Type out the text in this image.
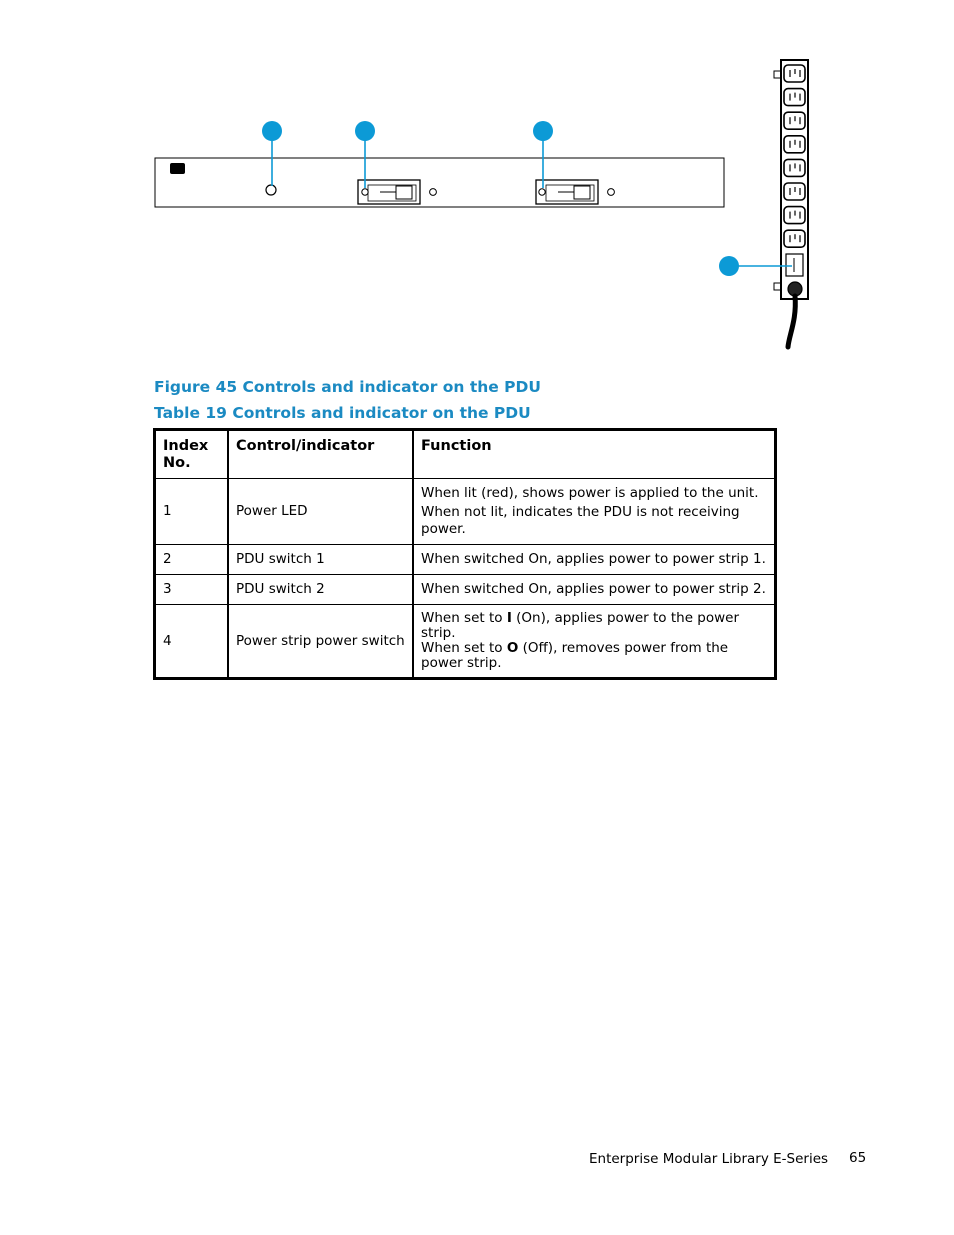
Figure 45 Controls and indicator on the PDU
Table 19 Controls and indicator on the PDU
Index
No.	Control/indicator	Function
1	Power LED	When lit (red), shows power is applied to the unit.
When not lit, indicates the PDU is not receiving power.

2	PDU switch 1	When switched On, applies power to power strip 1.
3	PDU switch 2	When switched On, applies power to power strip 2.
4	Power strip power switch	When set to I (On), applies power to the power strip.
When set to O (Off), removes power from the power strip.
Enterprise Modular Library E-Series 65
